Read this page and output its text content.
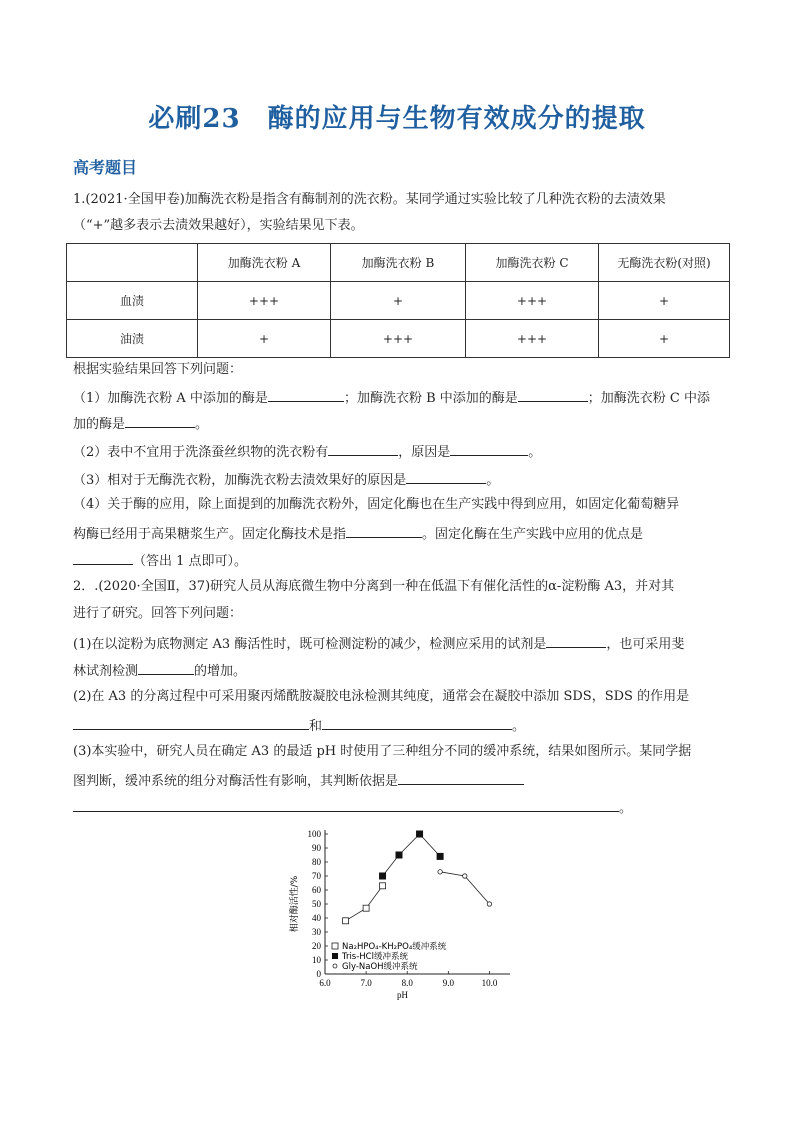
必刷23　酶的应用与生物有效成分的提取
高考题目
1.(2021·全国甲卷)加酶洗衣粉是指含有酶制剂的洗衣粉。某同学通过实验比较了几种洗衣粉的去渍效果
（“+”越多表示去渍效果越好），实验结果见下表。
	加酶洗衣粉 A	加酶洗衣粉 B	加酶洗衣粉 C	无酶洗衣粉(对照)
血渍	+++	+	+++	+
油渍	+	+++	+++	+
根据实验结果回答下列问题：
（1）加酶洗衣粉 A 中添加的酶是	；加酶洗衣粉 B 中添加的酶是	；加酶洗衣粉 C 中添
加的酶是	。
（2）表中不宜用于洗涤蚕丝织物的洗衣粉有	，原因是	。
（3）相对于无酶洗衣粉，加酶洗衣粉去渍效果好的原因是	。
（4）关于酶的应用，除上面提到的加酶洗衣粉外，固定化酶也在生产实践中得到应用，如固定化葡萄糖异
构酶已经用于高果糖浆生产。固定化酶技术是指	。固定化酶在生产实践中应用的优点是
（答出 1 点即可）。
2．.(2020·全国Ⅱ，37)研究人员从海底微生物中分离到一种在低温下有催化活性的α-淀粉酶 A3，并对其
进行了研究。回答下列问题：
(1)在以淀粉为底物测定 A3 酶活性时，既可检测淀粉的减少，检测应采用的试剂是	，也可采用斐
林试剂检测	的增加。
(2)在 A3 的分离过程中可采用聚丙烯酰胺凝胶电泳检测其纯度，通常会在凝胶中添加 SDS，SDS 的作用是
和	。
(3)本实验中，研究人员在确定 A3 的最适 pH 时使用了三种组分不同的缓冲系统，结果如图所示。某同学据
图判断，缓冲系统的组分对酶活性有影响，其判断依据是
。
0
10
20
30
40
50
60
70
80
90
100
6.0	7.0	8.0	9.0	10.0
pH
相对酶活性/%
Na₂HPO₄-KH₂PO₄缓冲系统
Tris-HCl缓冲系统
Gly-NaOH缓冲系统
